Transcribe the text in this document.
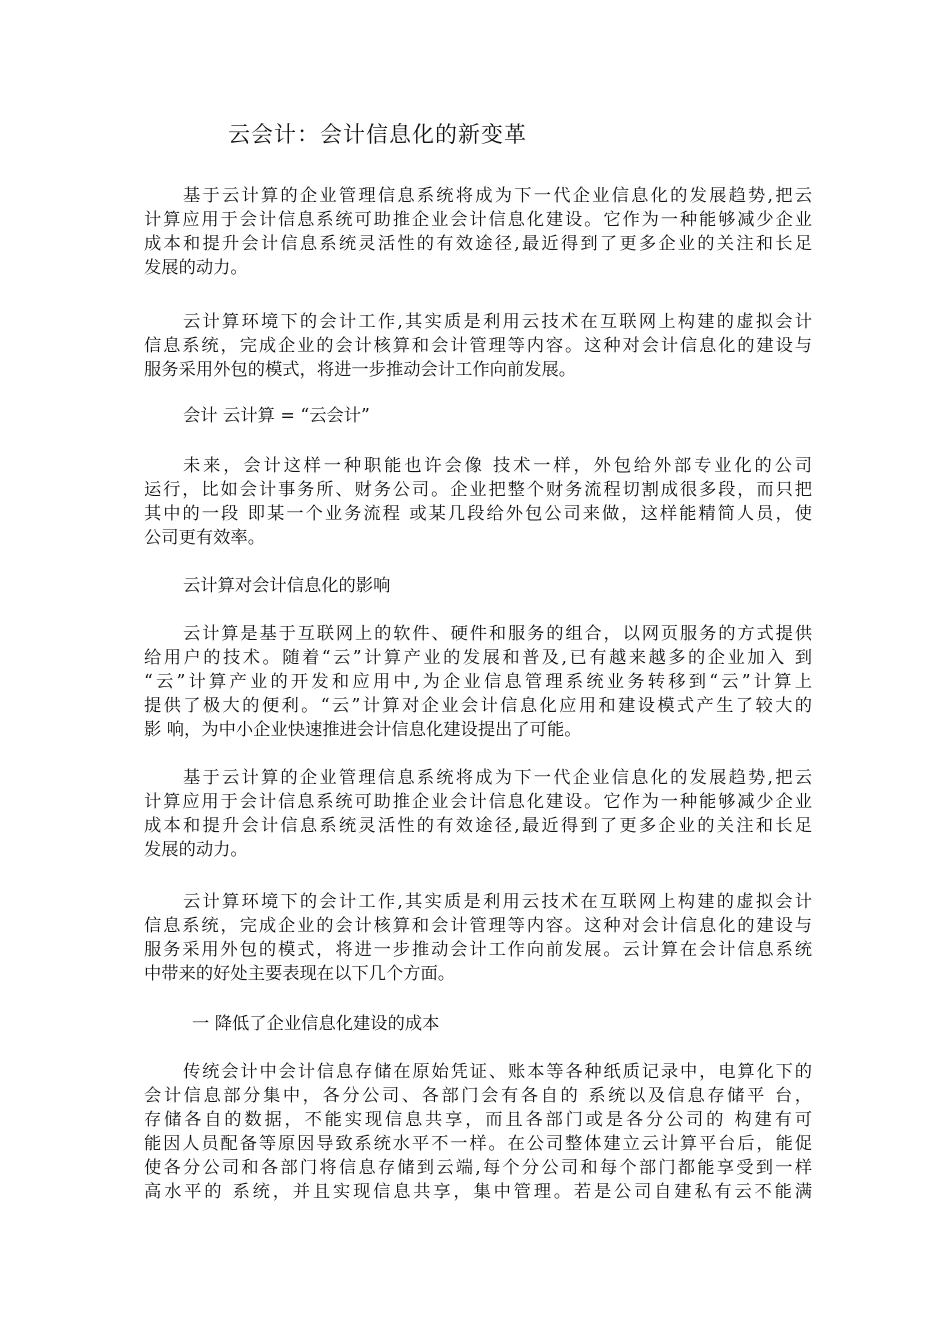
云会计：会计信息化的新变革

基于云计算的企业管理信息系统将成为下一代企业信息化的发展趋势,把云
计算应用于会计信息系统可助推企业会计信息化建设。它作为一种能够减少企业
成本和提升会计信息系统灵活性的有效途径,最近得到了更多企业的关注和长足
发展的动力。

云计算环境下的会计工作,其实质是利用云技术在互联网上构建的虚拟会计
信息系统，完成企业的会计核算和会计管理等内容。这种对会计信息化的建设与
服务采用外包的模式，将进一步推动会计工作向前发展。

会计 云计算 = “云会计”

未来，会计这样一种职能也许会像 技术一样，外包给外部专业化的公司
运行，比如会计事务所、财务公司。企业把整个财务流程切割成很多段，而只把
其中的一段 即某一个业务流程 或某几段给外包公司来做，这样能精简人员，使
公司更有效率。

云计算对会计信息化的影响

云计算是基于互联网上的软件、硬件和服务的组合，以网页服务的方式提供
给用户的技术。随着“云”计算产业的发展和普及,已有越来越多的企业加入 到
“云”计算产业的开发和应用中,为企业信息管理系统业务转移到“云”计算上
提供了极大的便利。“云”计算对企业会计信息化应用和建设模式产生了较大的
影 响，为中小企业快速推进会计信息化建设提出了可能。

基于云计算的企业管理信息系统将成为下一代企业信息化的发展趋势,把云
计算应用于会计信息系统可助推企业会计信息化建设。它作为一种能够减少企业
成本和提升会计信息系统灵活性的有效途径,最近得到了更多企业的关注和长足
发展的动力。

云计算环境下的会计工作,其实质是利用云技术在互联网上构建的虚拟会计
信息系统，完成企业的会计核算和会计管理等内容。这种对会计信息化的建设与
服务采用外包的模式，将进一步推动会计工作向前发展。云计算在会计信息系统
中带来的好处主要表现在以下几个方面。

一 降低了企业信息化建设的成本

传统会计中会计信息存储在原始凭证、账本等各种纸质记录中，电算化下的
会计信息部分集中，各分公司、各部门会有各自的 系统以及信息存储平 台，
存储各自的数据，不能实现信息共享，而且各部门或是各分公司的 构建有可
能因人员配备等原因导致系统水平不一样。在公司整体建立云计算平台后，能促
使各分公司和各部门将信息存储到云端,每个分公司和每个部门都能享受到一样
高水平的 系统，并且实现信息共享，集中管理。若是公司自建私有云不能满
